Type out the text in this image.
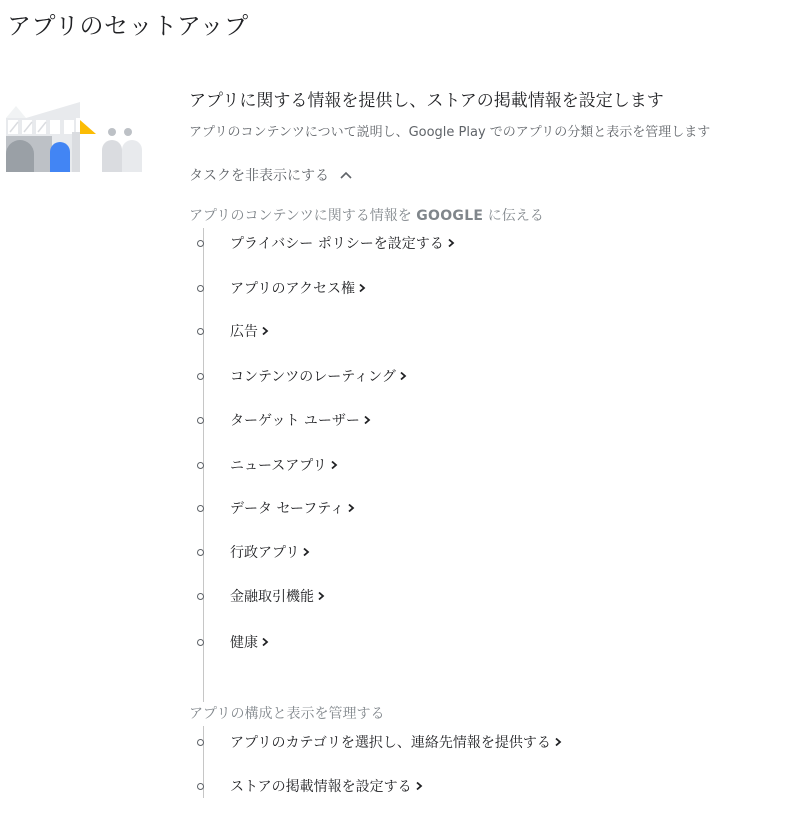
アプリのセットアップ
アプリに関する情報を提供し、ストアの掲載情報を設定します
アプリのコンテンツについて説明し、Google Play でのアプリの分類と表示を管理します
タスクを非表示にする
アプリのコンテンツに関する情報を GOOGLE に伝える
プライバシー ポリシーを設定する
アプリのアクセス権
広告
コンテンツのレーティング
ターゲット ユーザー
ニュースアプリ
データ セーフティ
行政アプリ
金融取引機能
健康
アプリの構成と表示を管理する
アプリのカテゴリを選択し、連絡先情報を提供する
ストアの掲載情報を設定する
